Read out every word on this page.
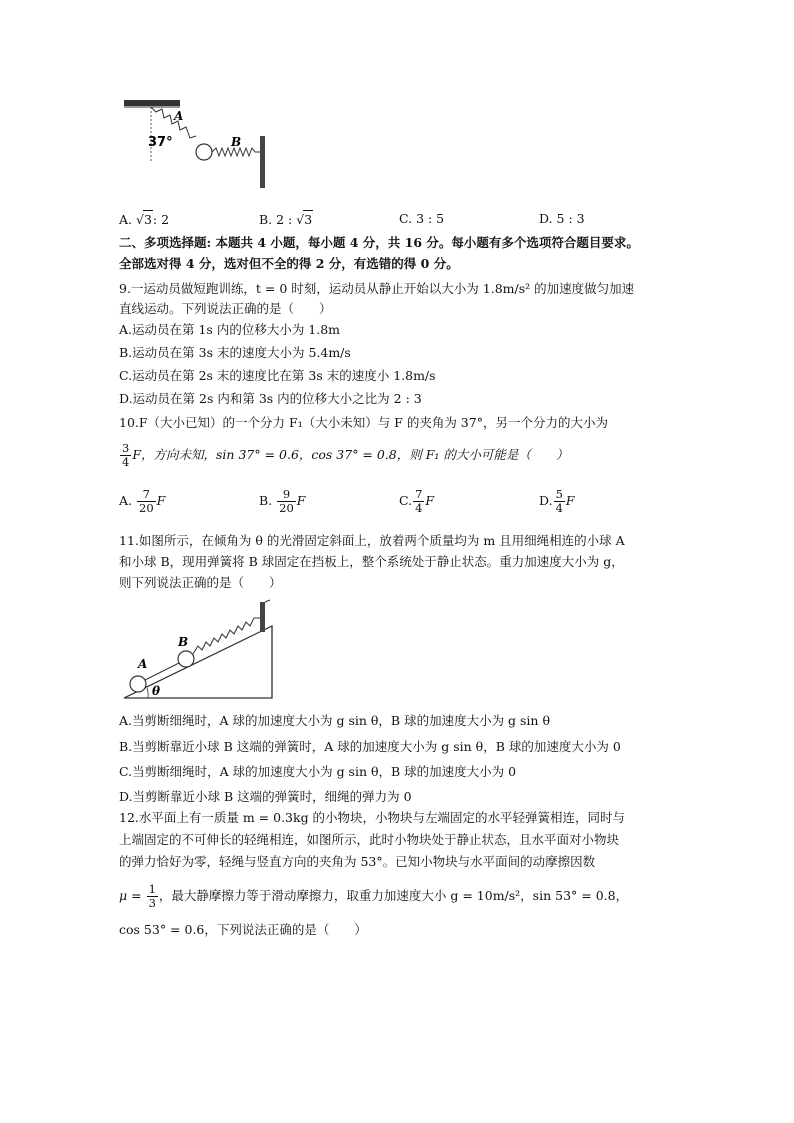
A
B
37°
A. √3: 2	B. 2 : √3	C. 3 : 5	D. 5 : 3
二、多项选择题: 本题共 4 小题，每小题 4 分，共 16 分。每小题有多个选项符合题目要求。
全部选对得 4 分，选对但不全的得 2 分，有选错的得 0 分。
9.一运动员做短跑训练，t = 0 时刻，运动员从静止开始以大小为 1.8m/s² 的加速度做匀加速
直线运动。下列说法正确的是（　　）
A.运动员在第 1s 内的位移大小为 1.8m
B.运动员在第 3s 末的速度大小为 5.4m/s
C.运动员在第 2s 末的速度比在第 3s 末的速度小 1.8m/s
D.运动员在第 2s 内和第 3s 内的位移大小之比为 2 : 3
10.F（大小已知）的一个分力 F₁（大小未知）与 F 的夹角为 37°，另一个分力的大小为
$\frac{3}{4}$ F，方向未知，sin 37° = 0.6，cos 37° = 0.8，则 F₁ 的大小可能是（　　）
A. $\frac{7}{20}$ F	B. $\frac{9}{20}$ F	C. $\frac{7}{4}$ F	D. $\frac{5}{4}$ F
11.如图所示，在倾角为 θ 的光滑固定斜面上，放着两个质量均为 m 且用细绳相连的小球 A
和小球 B，现用弹簧将 B 球固定在挡板上，整个系统处于静止状态。重力加速度大小为 g，
则下列说法正确的是（　　）
A
B
θ
A.当剪断细绳时，A 球的加速度大小为 g sin θ，B 球的加速度大小为 g sin θ
B.当剪断靠近小球 B 这端的弹簧时，A 球的加速度大小为 g sin θ，B 球的加速度大小为 0
C.当剪断细绳时，A 球的加速度大小为 g sin θ，B 球的加速度大小为 0
D.当剪断靠近小球 B 这端的弹簧时，细绳的弹力为 0
12.水平面上有一质量 m = 0.3kg 的小物块，小物块与左端固定的水平轻弹簧相连，同时与
上端固定的不可伸长的轻绳相连，如图所示，此时小物块处于静止状态，且水平面对小物块
的弹力恰好为零，轻绳与竖直方向的夹角为 53°。已知小物块与水平面间的动摩擦因数
$\mu = \frac{1}{3}$ ，最大静摩擦力等于滑动摩擦力，取重力加速度大小 g = 10m/s²，sin 53° = 0.8，
cos 53° = 0.6，下列说法正确的是（　　）
